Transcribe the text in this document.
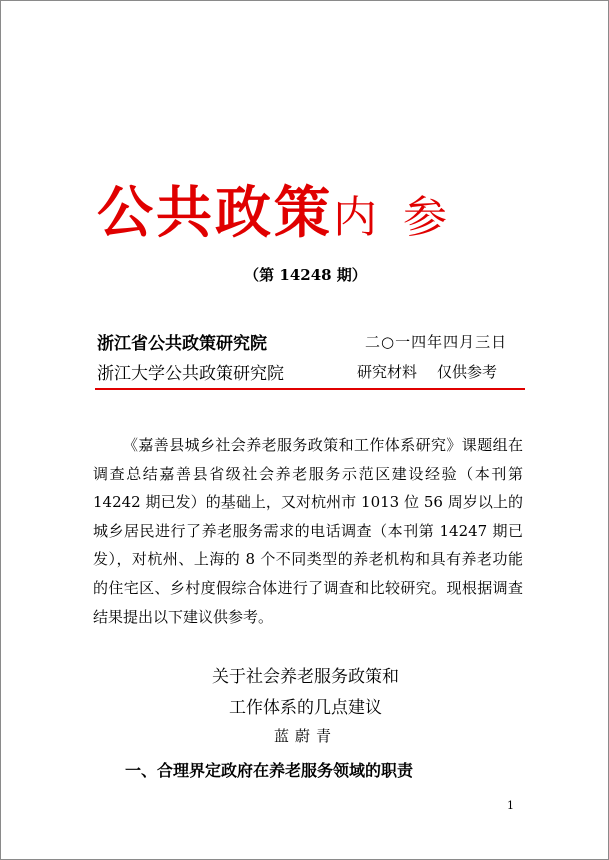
公共政策内 参
（第 14248 期）
浙江省公共政策研究院	二○一四年四月三日
浙江大学公共政策研究院	研究材料 仅供参考

《嘉善县城乡社会养老服务政策和工作体系研究》课题组在调查总结嘉善县省级社会养老服务示范区建设经验（本刊第 14242 期已发）的基础上，又对杭州市 1013 位 56 周岁以上的城乡居民进行了养老服务需求的电话调查（本刊第 14247 期已发），对杭州、上海的 8 个不同类型的养老机构和具有养老功能的住宅区、乡村度假综合体进行了调查和比较研究。现根据调查结果提出以下建议供参考。

关于社会养老服务政策和
工作体系的几点建议
蓝蔚青
一、合理界定政府在养老服务领域的职责
1
